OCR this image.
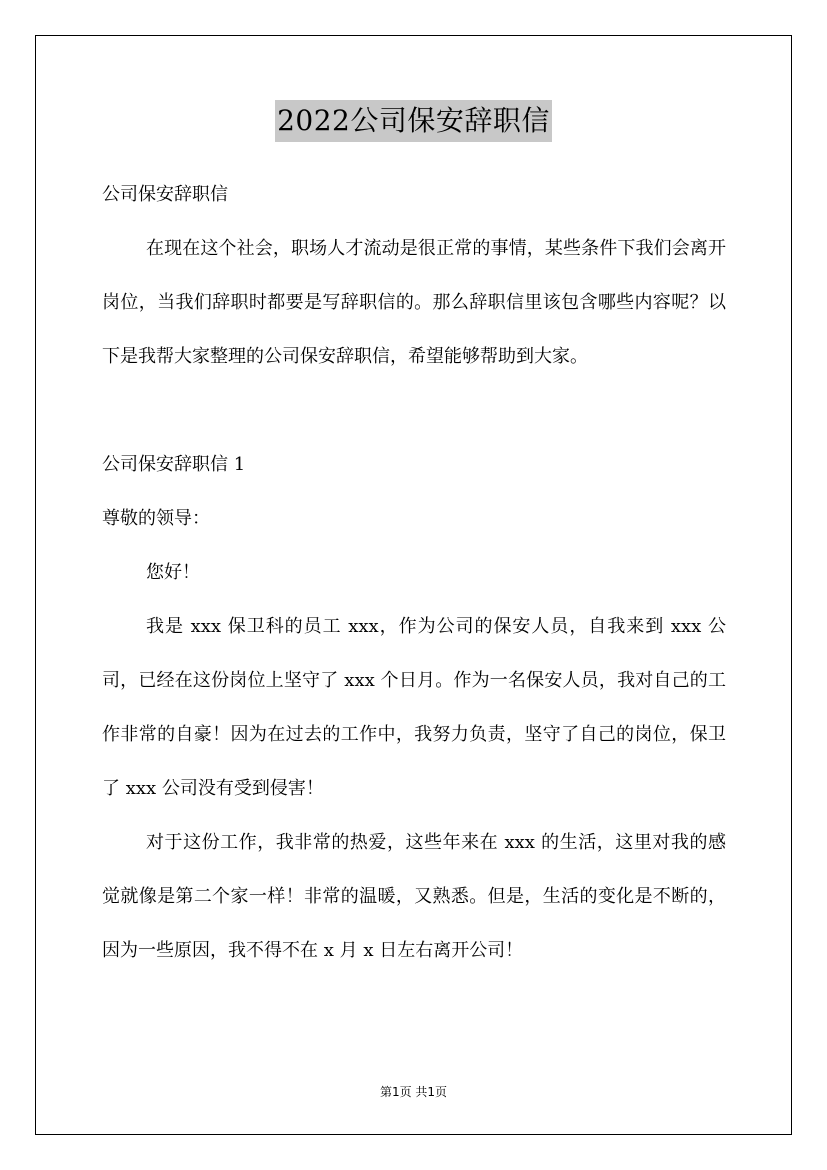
2022公司保安辞职信
公司保安辞职信

在现在这个社会，职场人才流动是很正常的事情，某些条件下我们会离开岗位，当我们辞职时都要是写辞职信的。那么辞职信里该包含哪些内容呢？以下是我帮大家整理的公司保安辞职信，希望能够帮助到大家。

公司保安辞职信 1
尊敬的领导：

您好！

我是 xxx 保卫科的员工 xxx，作为公司的保安人员，自我来到 xxx 公司，已经在这份岗位上坚守了 xxx 个日月。作为一名保安人员，我对自己的工作非常的自豪！因为在过去的工作中，我努力负责，坚守了自己的岗位，保卫了 xxx 公司没有受到侵害！

对于这份工作，我非常的热爱，这些年来在 xxx 的生活，这里对我的感觉就像是第二个家一样！非常的温暖，又熟悉。但是，生活的变化是不断的，因为一些原因，我不得不在 x 月 x 日左右离开公司！

第1页 共1页
